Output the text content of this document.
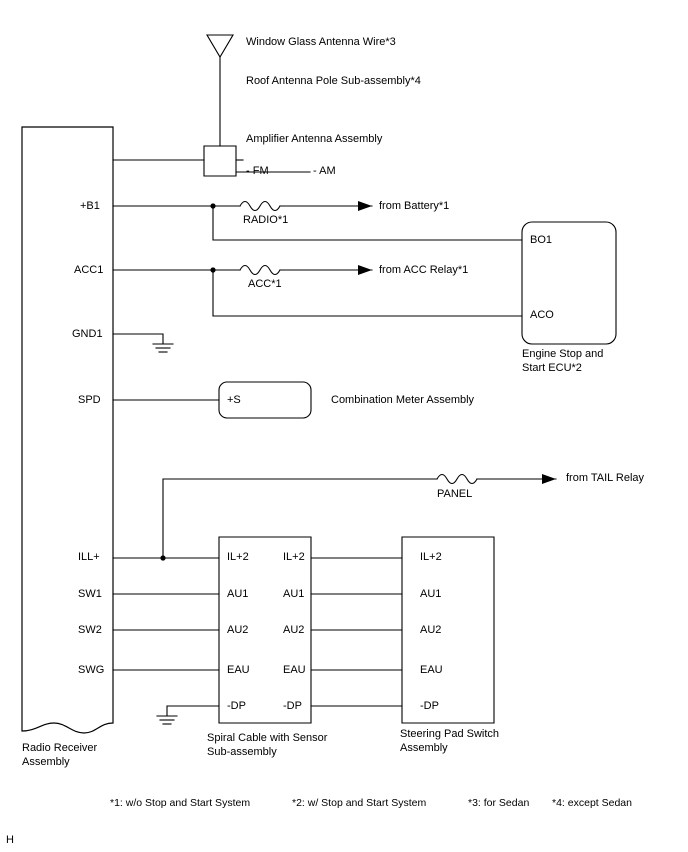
Window Glass Antenna Wire*3
Roof Antenna Pole Sub-assembly*4
Amplifier Antenna Assembly
- FM	- AM
+B1
ACC1
GND1
SPD
ILL+
SW1
SW2
SWG
Radio Receiver
Assembly
RADIO*1
from Battery*1
ACC*1
from ACC Relay*1
PANEL
from TAIL Relay
BO1
ACO
Engine Stop and
Start ECU*2
+S	Combination Meter Assembly
IL+2
AU1
AU2
EAU
-DP
IL+2
AU1
AU2
EAU
-DP
Spiral Cable with Sensor
Sub-assembly
IL+2
AU1
AU2
EAU
-DP
Steering Pad Switch
Assembly
*1: w/o Stop and Start System	*2: w/ Stop and Start System	*3: for Sedan *4: except Sedan
H
